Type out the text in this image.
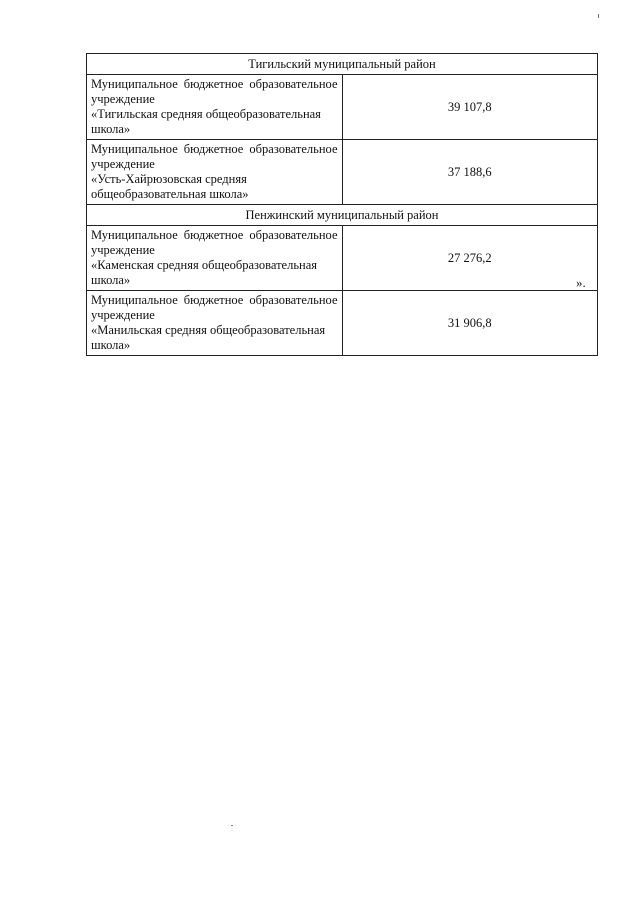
Тигильский муниципальный район	

Муниципальное бюджетное образовательное учреждение
«Тигильская средняя общеобразовательная школа»	39 107,8

Муниципальное бюджетное образовательное учреждение
«Усть-Хайрюзовская средняя общеобразовательная школа»	37 188,6
Пенжинский муниципальный район	

Муниципальное бюджетное образовательное учреждение
«Каменская средняя общеобразовательная школа»	27 276,2

Муниципальное бюджетное образовательное учреждение
«Манильская средняя общеобразовательная школа»	31 906,8
».
